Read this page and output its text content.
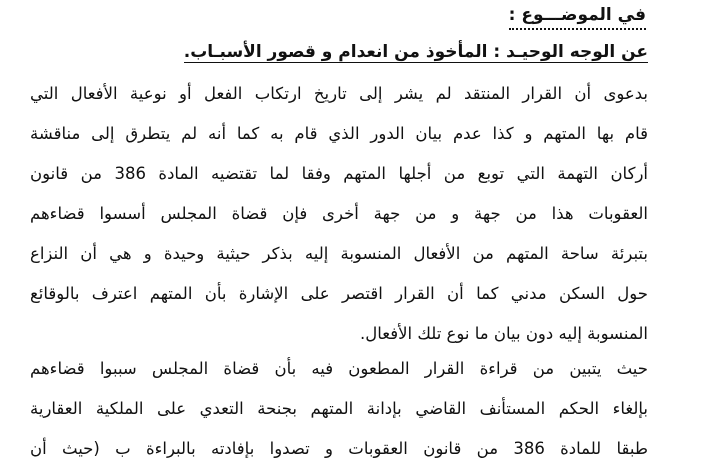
في الموضـــوع :
عن الوجه الوحيـد : المأخوذ من انعدام و قصور الأسبـاب.
بدعوى أن القرار المنتقد لم يشر إلى تاريخ ارتكاب الفعل أو نوعية الأفعال التي
قام بها المتهم و كذا عدم بيان الدور الذي قام به كما أنه لم يتطرق إلى مناقشة
أركان التهمة التي توبع من أجلها المتهم وفقا لما تقتضيه المادة 386 من قانون
العقوبات هذا من جهة و من جهة أخرى فإن قضاة المجلس أسسوا قضاءهم
بتبرئة ساحة المتهم من الأفعال المنسوبة إليه بذكر حيثية وحيدة و هي أن النزاع
حول السكن مدني كما أن القرار اقتصر على الإشارة بأن المتهم اعترف بالوقائع
المنسوبة إليه دون بيان ما نوع تلك الأفعال.
حيث يتبين من قراءة القرار المطعون فيه بأن قضاة المجلس سببوا قضاءهم
بإلغاء الحكم المستأنف القاضي بإدانة المتهم بجنحة التعدي على الملكية العقارية
طبقا للمادة 386 من قانون العقوبات و تصدوا بإفادته بالبراءة ب (حيث أن
